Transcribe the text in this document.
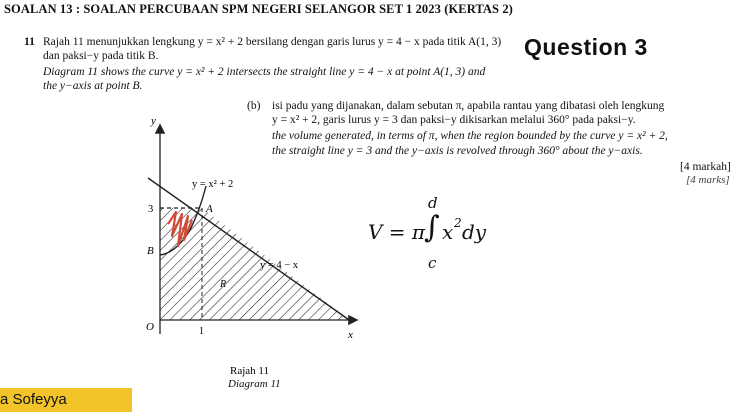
SOALAN 13 : SOALAN PERCUBAAN SPM NEGERI SELANGOR SET 1 2023 (KERTAS 2)
11 Rajah 11 menunjukkan lengkung y = x² + 2 bersilang dengan garis lurus y = 4 − x pada titik A(1, 3)
dan paksi−y pada titik B.
Diagram 11 shows the curve y = x² + 2 intersects the straight line y = 4 − x at point A(1, 3) and
the y−axis at point B.
Question 3
(b) isi padu yang dijanakan, dalam sebutan π, apabila rantau yang dibatasi oleh lengkung
y = x² + 2, garis lurus y = 3 dan paksi−y dikisarkan melalui 360° pada paksi−y.
the volume generated, in terms of π, when the region bounded by the curve y = x² + 2,
the straight line y = 3 and the y−axis is revolved through 360° about the y−axis.
[4 markah]
[4 marks]
y
x
O
3
1
B
A
R
y = x² + 2
y = 4 − x
Rajah 11
Diagram 11
V = π
∫
d
c
x 2 dy
a Sofeyya
